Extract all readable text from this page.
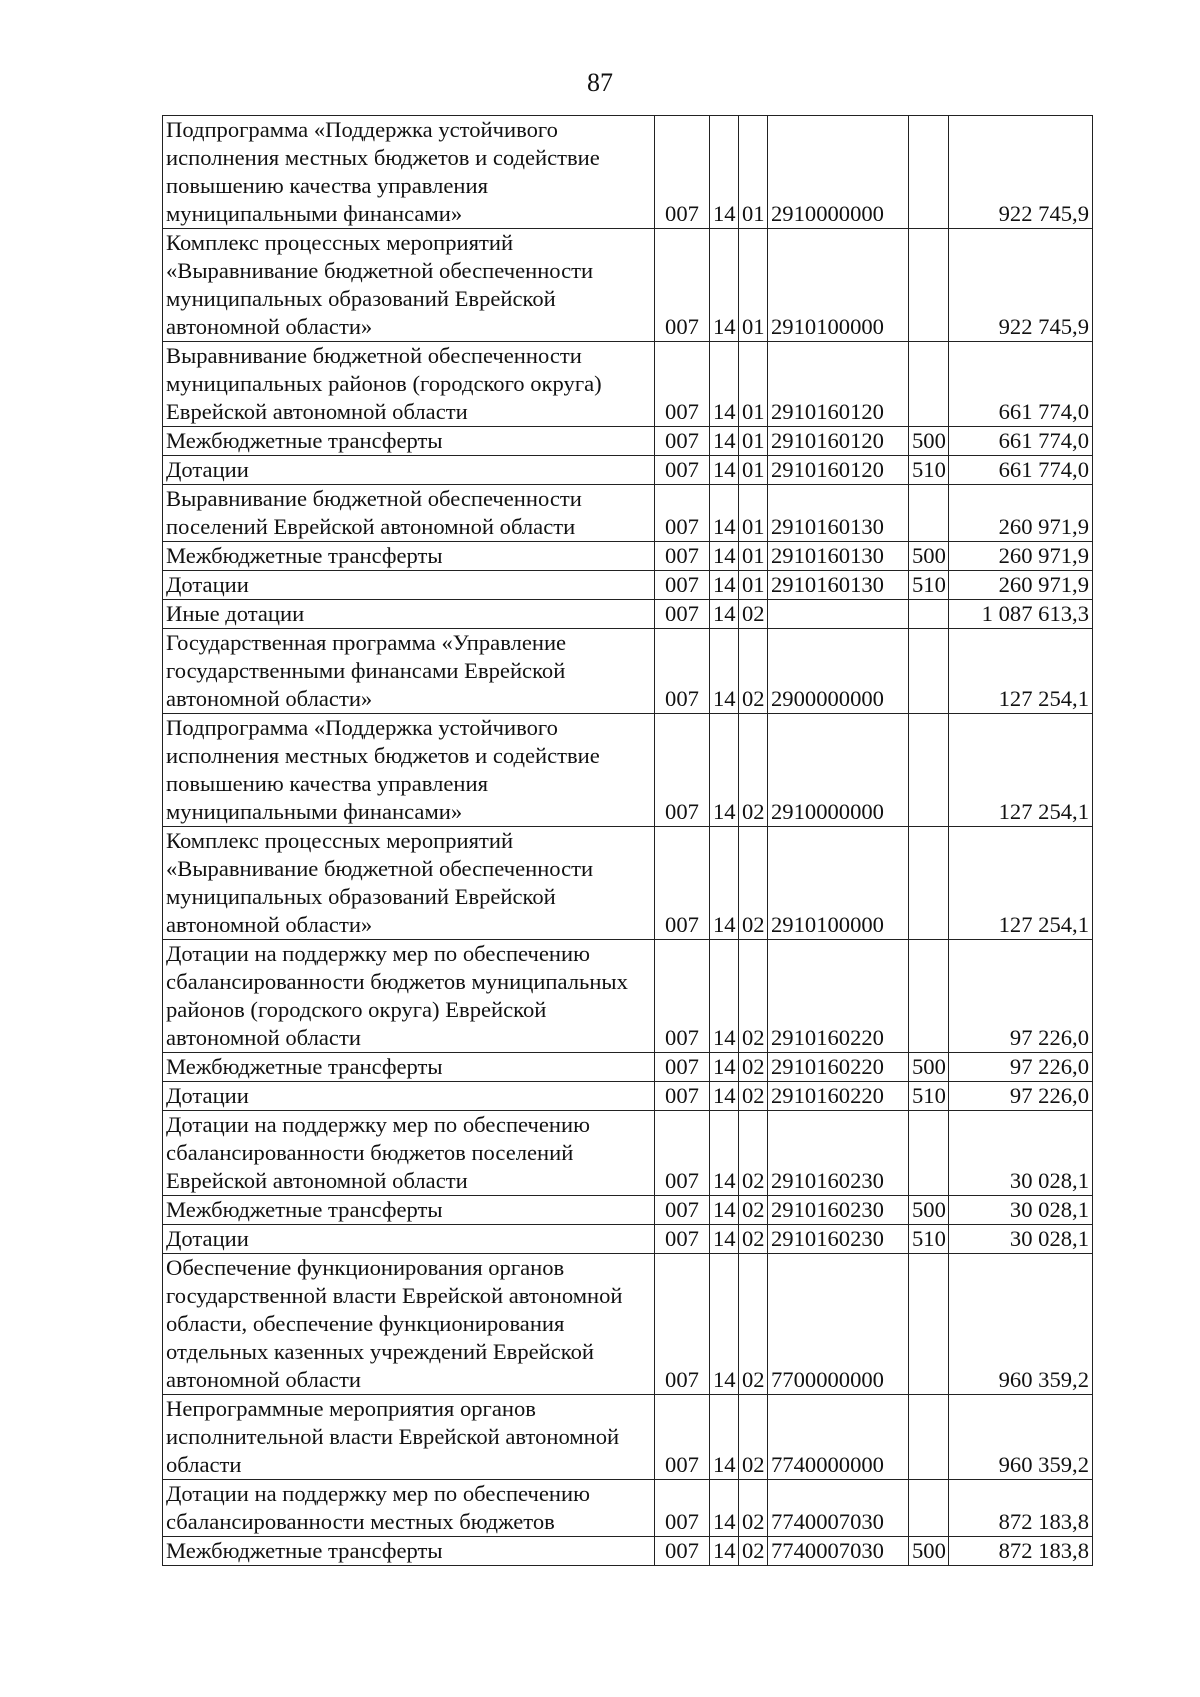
87
Подпрограмма «Поддержка устойчивого исполнения местных бюджетов и содействие повышению качества управления муниципальными финансами»	007	14	01	2910000000		922 745,9
Комплекс процессных мероприятий «Выравнивание бюджетной обеспеченности муниципальных образований Еврейской автономной области»	007	14	01	2910100000		922 745,9
Выравнивание бюджетной обеспеченности муниципальных районов (городского округа) Еврейской автономной области	007	14	01	2910160120		661 774,0
Межбюджетные трансферты	007	14	01	2910160120	500	661 774,0
Дотации	007	14	01	2910160120	510	661 774,0
Выравнивание бюджетной обеспеченности поселений Еврейской автономной области	007	14	01	2910160130		260 971,9
Межбюджетные трансферты	007	14	01	2910160130	500	260 971,9
Дотации	007	14	01	2910160130	510	260 971,9
Иные дотации	007	14	02			1 087 613,3
Государственная программа «Управление государственными финансами Еврейской автономной области»	007	14	02	2900000000		127 254,1
Подпрограмма «Поддержка устойчивого исполнения местных бюджетов и содействие повышению качества управления муниципальными финансами»	007	14	02	2910000000		127 254,1
Комплекс процессных мероприятий «Выравнивание бюджетной обеспеченности муниципальных образований Еврейской автономной области»	007	14	02	2910100000		127 254,1
Дотации на поддержку мер по обеспечению сбалансированности бюджетов муниципальных районов (городского округа) Еврейской автономной области	007	14	02	2910160220		97 226,0
Межбюджетные трансферты	007	14	02	2910160220	500	97 226,0
Дотации	007	14	02	2910160220	510	97 226,0
Дотации на поддержку мер по обеспечению сбалансированности бюджетов поселений Еврейской автономной области	007	14	02	2910160230		30 028,1
Межбюджетные трансферты	007	14	02	2910160230	500	30 028,1
Дотации	007	14	02	2910160230	510	30 028,1
Обеспечение функционирования органов государственной власти Еврейской автономной области, обеспечение функционирования отдельных казенных учреждений Еврейской автономной области	007	14	02	7700000000		960 359,2
Непрограммные мероприятия органов исполнительной власти Еврейской автономной области	007	14	02	7740000000		960 359,2
Дотации на поддержку мер по обеспечению сбалансированности местных бюджетов	007	14	02	7740007030		872 183,8
Межбюджетные трансферты	007	14	02	7740007030	500	872 183,8
